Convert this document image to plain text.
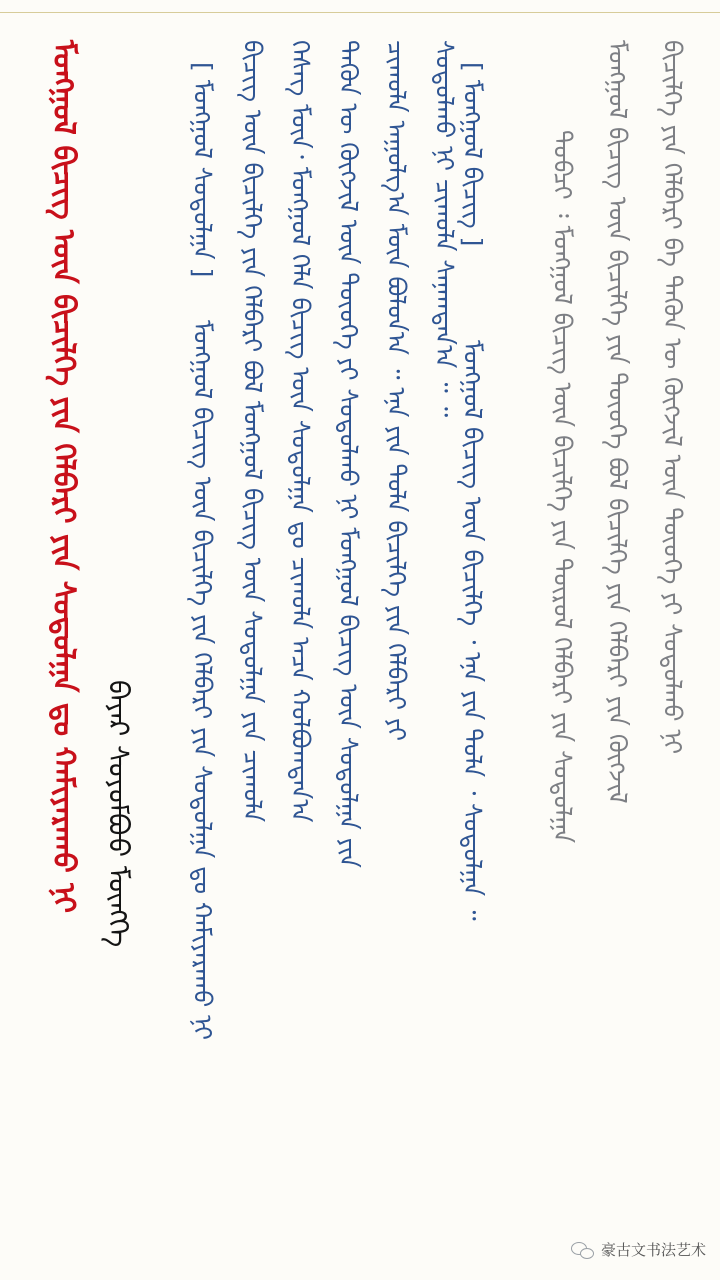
ᠮᠣᠩᠭᠣᠯ ᠪᠢᠴᠢᠭ ᠦᠨ ᠪᠢᠴᠢᠯᠭᠡ ᠶᠢᠨ ᠬᠡᠯᠪᠡᠷᠢ ᠶᠢᠨ ᠰᠤᠳᠤᠯᠭᠠ ᠳᠤ ᠬᠠᠮᠢᠶᠠᠷᠠᠬᠤ ᠨᠢ ᠪᠠᠶᠠᠷ ᠰᠣᠶᠣᠮᠪᠤᠤ ᠮᠥᠩᠬᠡ
[ ᠮᠣᠩᠭᠣᠯ ᠰᠤᠳᠤᠯᠭᠠ ]	[ ᠮᠣᠩᠭᠣᠯ ᠪᠢᠴᠢᠭ ]
ᠪᠢᠴᠢᠭ ᠦᠨ ᠪᠢᠴᠢᠯᠭᠡ ᠶᠢᠨ ᠬᠡᠯᠪᠡᠷᠢ ᠪᠣᠯ ᠮᠣᠩᠭᠣᠯ ᠪᠢᠴᠢᠭ ᠦᠨ ᠰᠤᠳᠤᠯᠭᠠ ᠶᠢᠨ ᠴᠢᠬᠤᠯᠠ ᠬᠡᠰᠡᠭ ᠮᠥᠨ᠂ ᠮᠣᠩᠭᠣᠯ ᠬᠡᠯᠡ ᠪᠢᠴᠢᠭ ᠦᠨ ᠰᠤᠳᠤᠯᠭᠠ ᠳᠤ ᠴᠢᠬᠤᠯᠠ ᠠᠴᠠ ᠬᠣᠯᠪᠣᠭᠳᠠᠨ᠎ᠠ ᠲᠡᠭᠦᠨ ᠦ ᠬᠥᠭᠵᠢᠯ ᠦᠨ ᠲᠦᠦᠬᠡ ᠶᠢ ᠰᠤᠳᠤᠯᠬᠤ ᠨᠢ ᠮᠣᠩᠭᠣᠯ ᠪᠢᠴᠢᠭ ᠦᠨ ᠰᠤᠳᠤᠯᠭᠠ ᠶᠢᠨ ᠴᠢᠬᠤᠯᠠ ᠠᠭᠤᠯᠭ᠎ᠠ ᠮᠥᠨ ᠪᠣᠯᠣᠨ᠎ᠠ ᠃ ᠡᠨᠡ ᠶᠢᠨ ᠲᠤᠯᠠ ᠪᠢᠴᠢᠯᠭᠡ ᠶᠢᠨ ᠬᠡᠯᠪᠡᠷᠢ ᠶᠢ ᠰᠤᠳᠤᠯᠬᠤ ᠨᠢ ᠴᠢᠬᠤᠯᠠ ᠰᠠᠨᠠᠭᠳᠠᠨ᠎ᠠ ᠃ ᠃
ᠮᠣᠩᠭᠣᠯ ᠪᠢᠴᠢᠭ ᠦᠨ ᠪᠢᠴᠢᠯᠭᠡ ᠶᠢᠨ ᠬᠡᠯᠪᠡᠷᠢ ᠶᠢᠨ ᠰᠤᠳᠤᠯᠭᠠ ᠳᠤ ᠬᠠᠮᠢᠶᠠᠷᠠᠬᠤ ᠨᠢ	ᠮᠣᠩᠭᠣᠯ ᠪᠢᠴᠢᠭ ᠦᠨ ᠪᠢᠴᠢᠯᠭᠡ ᠂ ᠡᠨᠡ ᠶᠢᠨ ᠲᠤᠯᠠ ᠂ ᠰᠤᠳᠤᠯᠭᠠ ᠃ ᠲᠣᠪᠴᠢ ᠄ ᠮᠣᠩᠭᠣᠯ ᠪᠢᠴᠢᠭ ᠦᠨ ᠪᠢᠴᠢᠯᠭᠡ ᠶᠢᠨ ᠲᠥᠷᠥᠯ ᠬᠡᠯᠪᠡᠷᠢ ᠶᠢᠨ ᠰᠤᠳᠤᠯᠭᠠ ᠮᠣᠩᠭᠣᠯ ᠪᠢᠴᠢᠭ ᠦᠨ ᠪᠢᠴᠢᠯᠭᠡ ᠶᠢᠨ ᠲᠦᠦᠬᠡ ᠪᠣᠯ ᠪᠢᠴᠢᠯᠭᠡ ᠶᠢᠨ ᠬᠡᠯᠪᠡᠷᠢ ᠶᠢᠨ ᠬᠥᠭᠵᠢᠯ ᠪᠢᠴᠢᠯᠭᠡ ᠶᠢᠨ ᠬᠡᠯᠪᠡᠷᠢ ᠪᠠ ᠲᠡᠭᠦᠨ ᠦ ᠬᠥᠭᠵᠢᠯ ᠦᠨ ᠲᠦᠦᠬᠡ ᠶᠢ ᠰᠤᠳᠤᠯᠬᠤ ᠨᠢ
豪古文书法艺术
